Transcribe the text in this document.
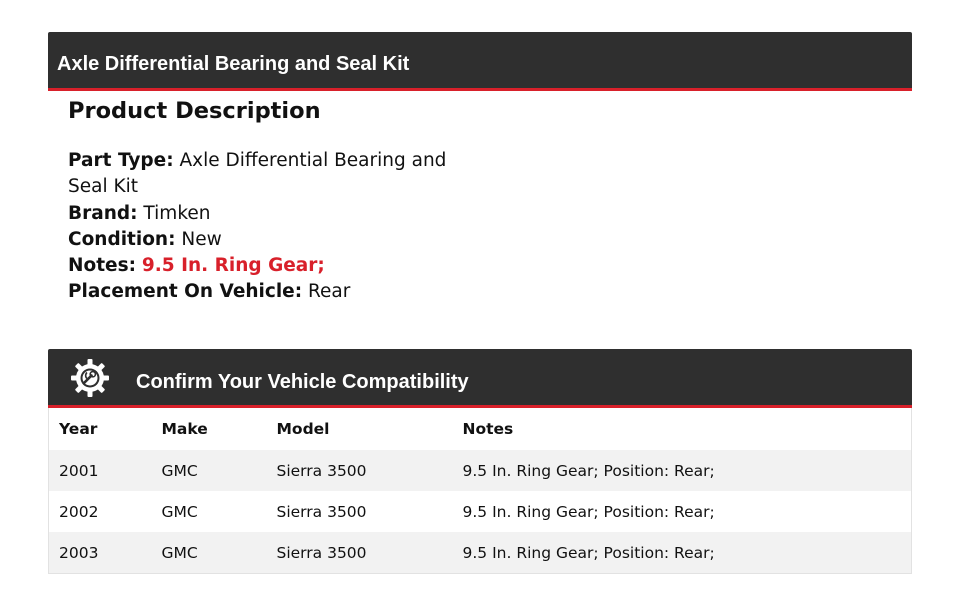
Axle Differential Bearing and Seal Kit
Product Description
Part Type: Axle Differential Bearing and Seal Kit
Brand: Timken
Condition: New
Notes: 9.5 In. Ring Gear;
Placement On Vehicle: Rear
Confirm Your Vehicle Compatibility
Year	Make	Model	Notes
2001	GMC	Sierra 3500	9.5 In. Ring Gear; Position: Rear;
2002	GMC	Sierra 3500	9.5 In. Ring Gear; Position: Rear;
2003	GMC	Sierra 3500	9.5 In. Ring Gear; Position: Rear;
